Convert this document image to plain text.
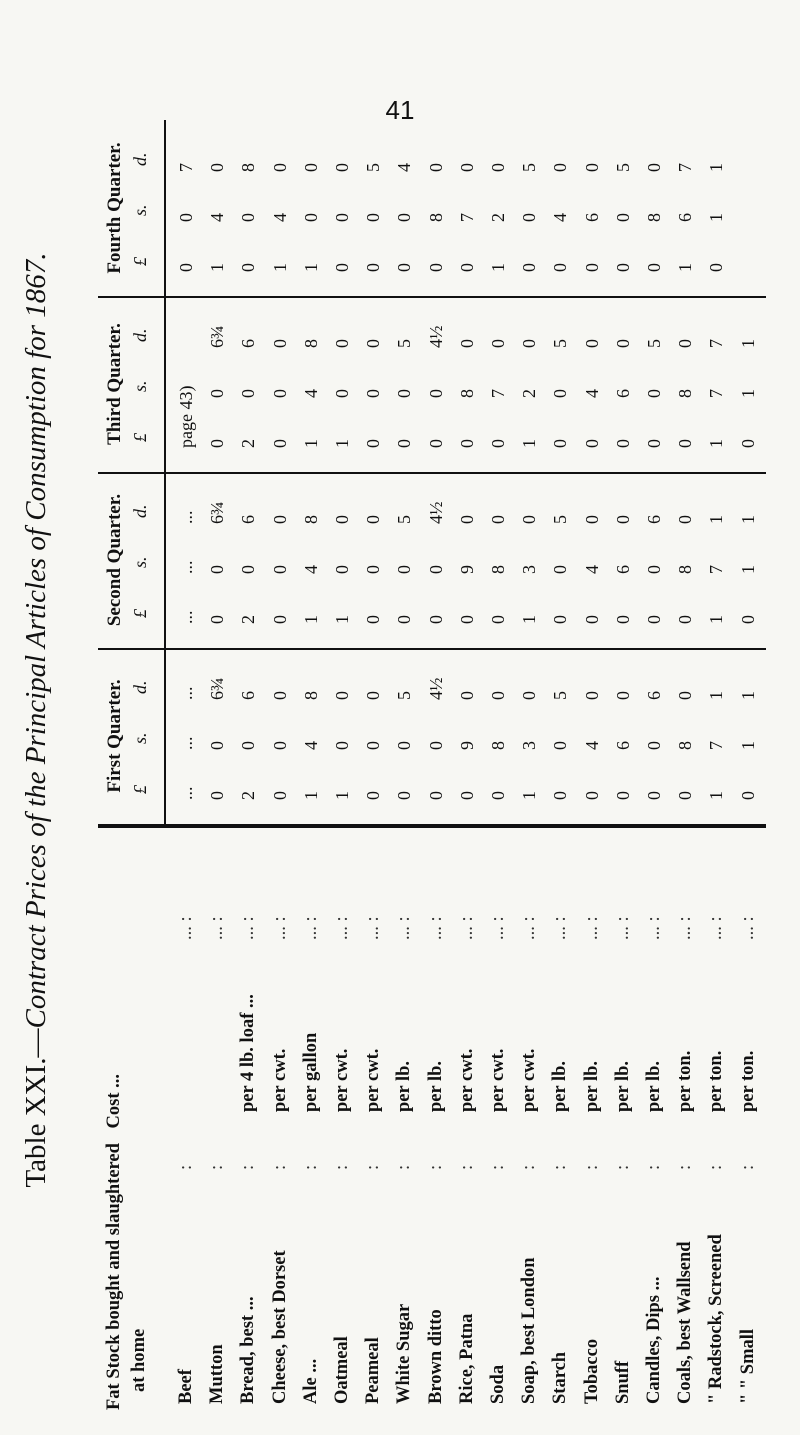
41
Table XXI.—Contract Prices of the Principal Articles of Consumption for 1867.
Fat Stock bought and slaughtered Cost ...
at home Beef
:
... :
Mutton
:
... :
Bread, best ...
:
per 4 lb. loaf ...
... :
Cheese, best Dorset
:
per cwt.
... :
Ale ...
:
per gallon
... :
Oatmeal
:
per cwt.
... :
Peameal
:
per cwt.
... :
White Sugar
:
per lb.
... :
Brown ditto
:
per lb.
... :
Rice, Patna
:
per cwt.
... :
Soda
:
per cwt.
... :
Soap, best London
:
per cwt.
... :
Starch
:
per lb.
... :
Tobacco
:
per lb.
... :
Snuff
:
per lb.
... :
Candles, Dips ...
:
per lb.
... :
Coals, best Wallsend
:
per ton.
... :
" Radstock, Screened
:
per ton.
... :
" " Small
:
per ton.
... :
First Quarter. £
s.
d.
...
...
...
0
0
6¾
2
0
6
0
0
0
1
4
8
1
0
0
0
0
0
0
0
5
0
0
4½
0
9
0
0
8
0
1
3
0
0
0
5
0
4
0
0
6
0
0
0
6
0
8
0
1
7
1
0
1
1
Second Quarter. £
s.
d.
...
...
...
0
0
6¾
2
0
6
0
0
0
1
4
8
1
0
0
0
0
0
0
0
5
0
0
4½
0
9
0
0
8
0
1
3
0
0
0
5
0
4
0
0
6
0
0
0
6
0
8
0
1
7
1
0
1
1
Third Quarter. £
s.
d.
page 43) 0
0
6¾
2
0
6
0
0
0
1
4
8
1
0
0
0
0
0
0
0
5
0
0
4½
0
8
0
0
7
0
1
2
0
0
0
5
0
4
0
0
6
0
0
0
5
0
8
0
1
7
7
0
1
1
Fourth Quarter. £
s.
d.
0
0
7
1
4
0
0
0
8
1
4
0
1
0
0
0
0
0
0
0
5
0
0
4
0
8
0
0
7
0
1
2
0
0
0
5
0
4
0
0
6
0
0
0
5
0
8
0
1
6
7
0
1
1
